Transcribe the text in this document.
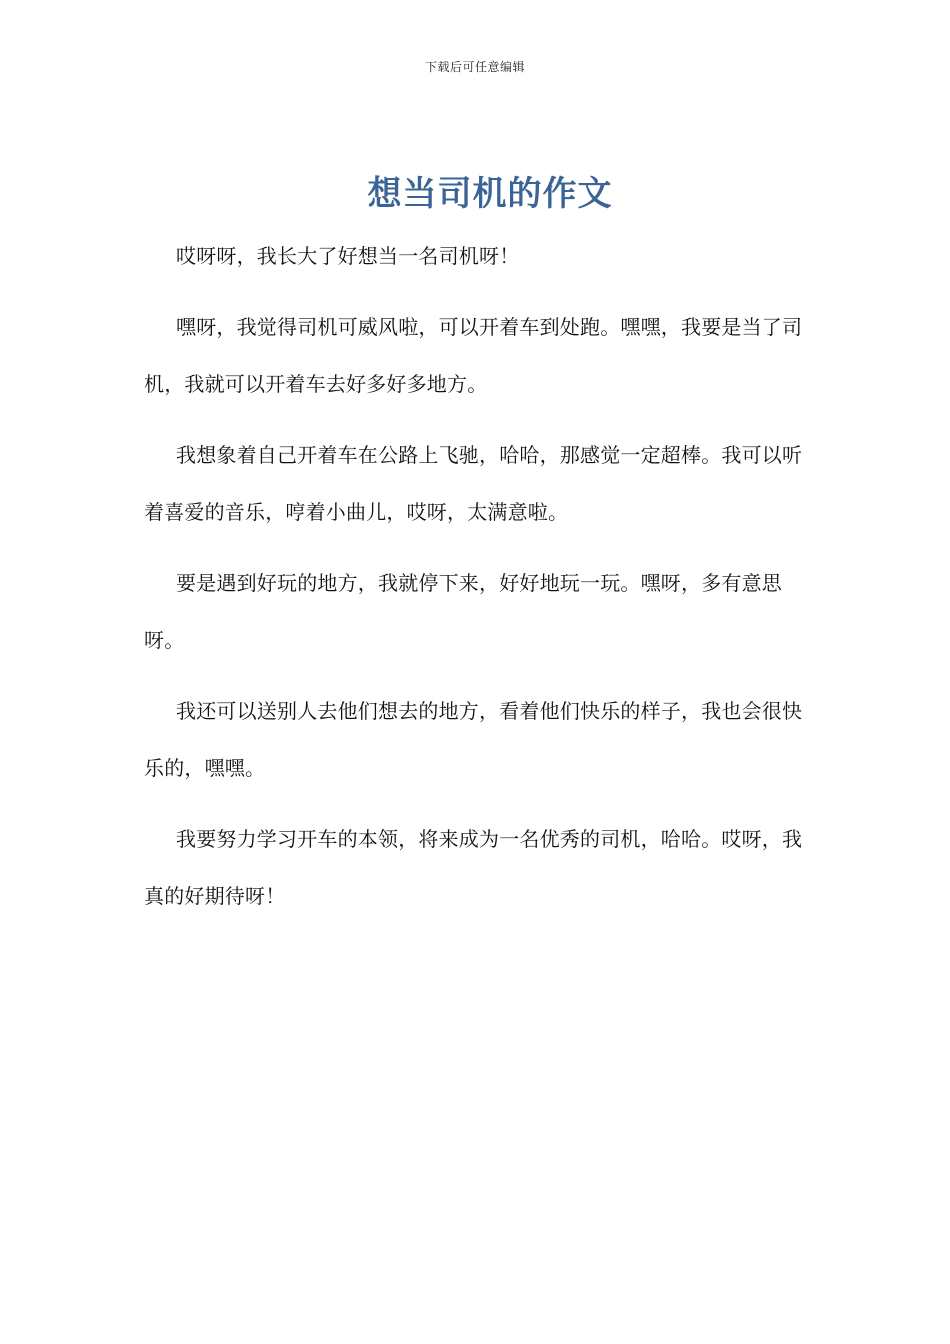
下载后可任意编辑
想当司机的作文

哎呀呀，我长大了好想当一名司机呀！

嘿呀，我觉得司机可威风啦，可以开着车到处跑。嘿嘿，我要是当了司机，我就可以开着车去好多好多地方。

我想象着自己开着车在公路上飞驰，哈哈，那感觉一定超棒。我可以听着喜爱的音乐，哼着小曲儿，哎呀，太满意啦。

要是遇到好玩的地方，我就停下来，好好地玩一玩。嘿呀，多有意思呀。

我还可以送别人去他们想去的地方，看着他们快乐的样子，我也会很快乐的，嘿嘿。

我要努力学习开车的本领，将来成为一名优秀的司机，哈哈。哎呀，我真的好期待呀！
